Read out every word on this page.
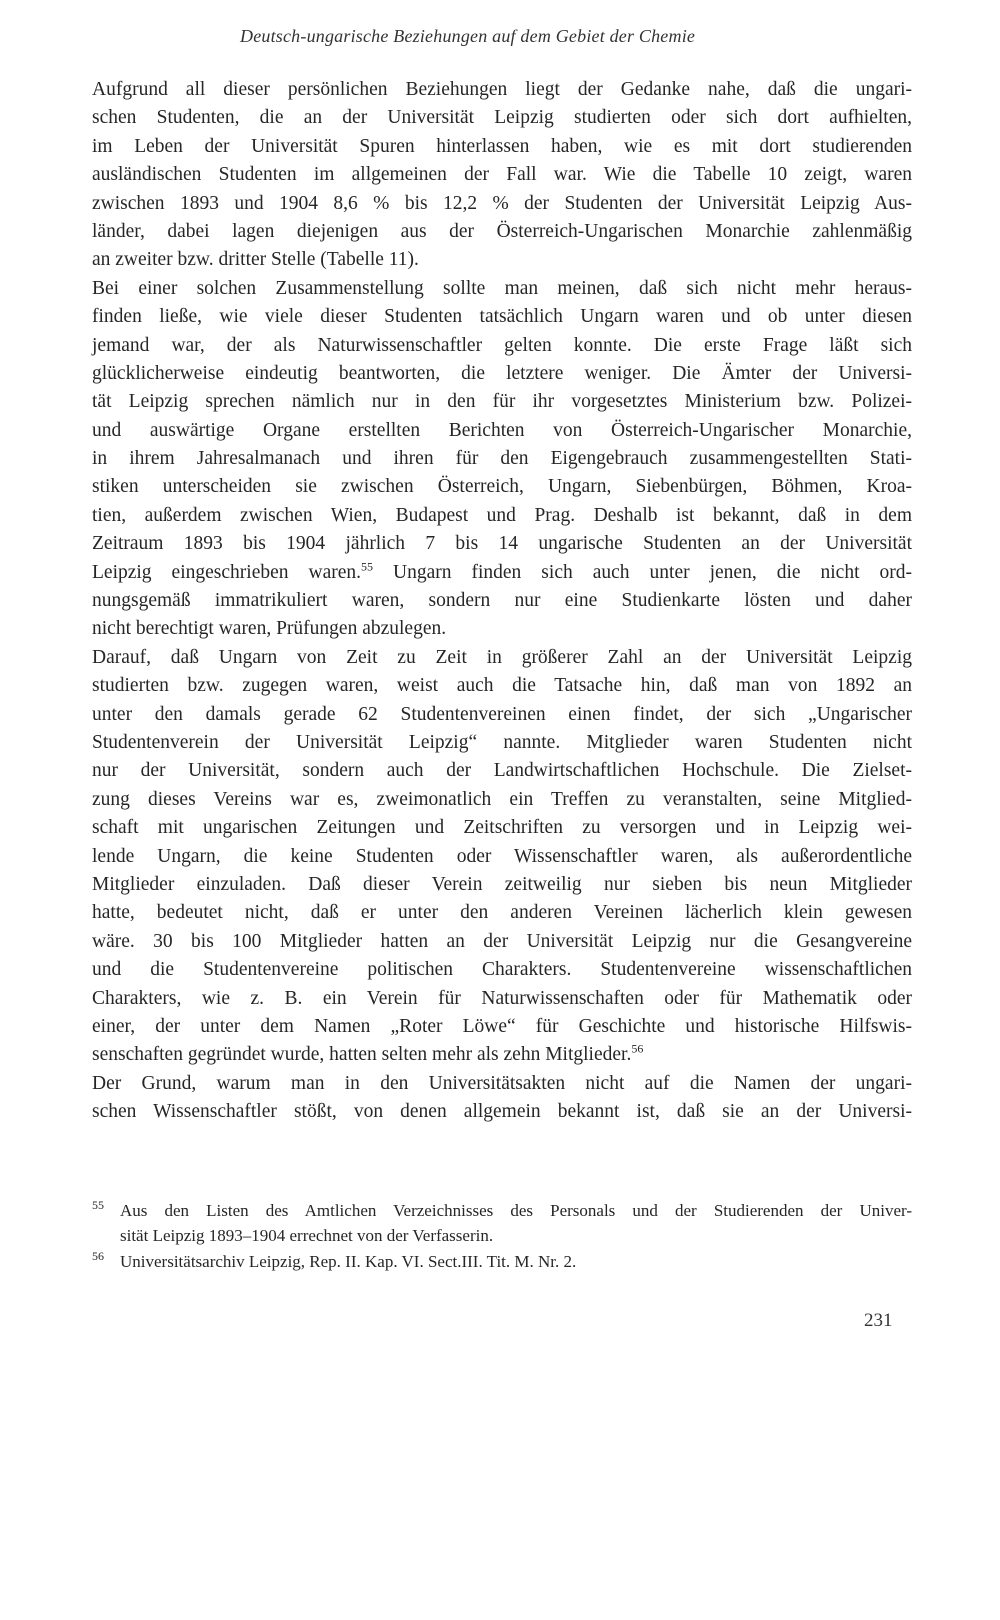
Deutsch-ungarische Beziehungen auf dem Gebiet der Chemie
Aufgrund all dieser persönlichen Beziehungen liegt der Gedanke nahe, daß die ungari-
schen Studenten, die an der Universität Leipzig studierten oder sich dort aufhielten,
im Leben der Universität Spuren hinterlassen haben, wie es mit dort studierenden
ausländischen Studenten im allgemeinen der Fall war. Wie die Tabelle 10 zeigt, waren
zwischen 1893 und 1904 8,6 % bis 12,2 % der Studenten der Universität Leipzig Aus-
länder, dabei lagen diejenigen aus der Österreich-Ungarischen Monarchie zahlenmäßig
an zweiter bzw. dritter Stelle (Tabelle 11).
Bei einer solchen Zusammenstellung sollte man meinen, daß sich nicht mehr heraus-
finden ließe, wie viele dieser Studenten tatsächlich Ungarn waren und ob unter diesen
jemand war, der als Naturwissenschaftler gelten konnte. Die erste Frage läßt sich
glücklicherweise eindeutig beantworten, die letztere weniger. Die Ämter der Universi-
tät Leipzig sprechen nämlich nur in den für ihr vorgesetztes Ministerium bzw. Polizei-
und auswärtige Organe erstellten Berichten von Österreich-Ungarischer Monarchie,
in ihrem Jahresalmanach und ihren für den Eigengebrauch zusammengestellten Stati-
stiken unterscheiden sie zwischen Österreich, Ungarn, Siebenbürgen, Böhmen, Kroa-
tien, außerdem zwischen Wien, Budapest und Prag. Deshalb ist bekannt, daß in dem
Zeitraum 1893 bis 1904 jährlich 7 bis 14 ungarische Studenten an der Universität
Leipzig eingeschrieben waren.$^{55}$ Ungarn finden sich auch unter jenen, die nicht ord-
nungsgemäß immatrikuliert waren, sondern nur eine Studienkarte lösten und daher
nicht berechtigt waren, Prüfungen abzulegen.
Darauf, daß Ungarn von Zeit zu Zeit in größerer Zahl an der Universität Leipzig
studierten bzw. zugegen waren, weist auch die Tatsache hin, daß man von 1892 an
unter den damals gerade 62 Studentenvereinen einen findet, der sich „Ungarischer
Studentenverein der Universität Leipzig“ nannte. Mitglieder waren Studenten nicht
nur der Universität, sondern auch der Landwirtschaftlichen Hochschule. Die Zielset-
zung dieses Vereins war es, zweimonatlich ein Treffen zu veranstalten, seine Mitglied-
schaft mit ungarischen Zeitungen und Zeitschriften zu versorgen und in Leipzig wei-
lende Ungarn, die keine Studenten oder Wissenschaftler waren, als außerordentliche
Mitglieder einzuladen. Daß dieser Verein zeitweilig nur sieben bis neun Mitglieder
hatte, bedeutet nicht, daß er unter den anderen Vereinen lächerlich klein gewesen
wäre. 30 bis 100 Mitglieder hatten an der Universität Leipzig nur die Gesangvereine
und die Studentenvereine politischen Charakters. Studentenvereine wissenschaftlichen
Charakters, wie z. B. ein Verein für Naturwissenschaften oder für Mathematik oder
einer, der unter dem Namen „Roter Löwe“ für Geschichte und historische Hilfswis-
senschaften gegründet wurde, hatten selten mehr als zehn Mitglieder.$^{56}$
Der Grund, warum man in den Universitätsakten nicht auf die Namen der ungari-
schen Wissenschaftler stößt, von denen allgemein bekannt ist, daß sie an der Universi-
55 Aus den Listen des Amtlichen Verzeichnisses des Personals und der Studierenden der Univer-
sität Leipzig 1893–1904 errechnet von der Verfasserin.
56 Universitätsarchiv Leipzig, Rep. II. Kap. VI. Sect.III. Tit. M. Nr. 2.
231
